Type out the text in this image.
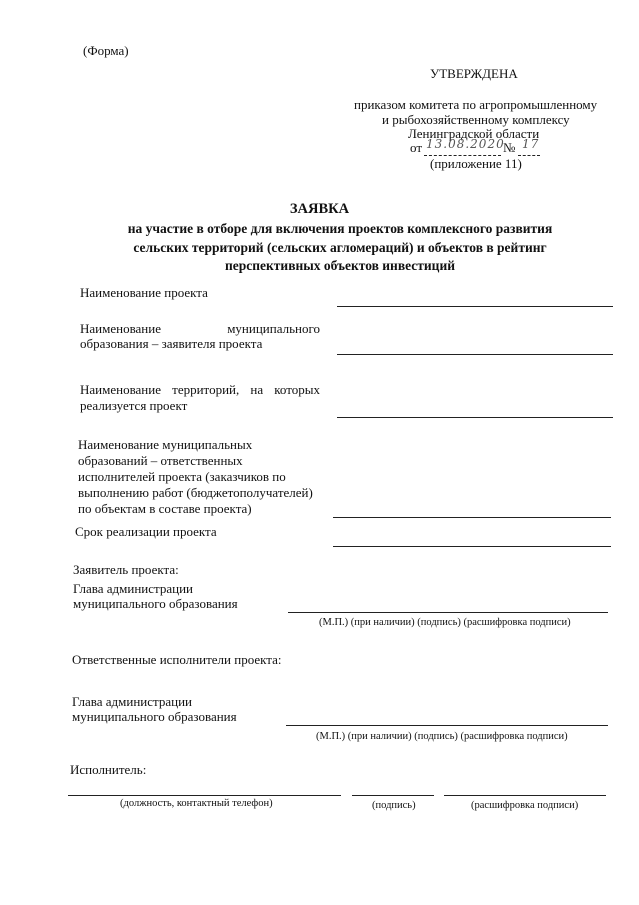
(Форма)
УТВЕРЖДЕНА
приказом комитета по агропромышленному
и рыбохозяйственному комплексу
Ленинградской области
от 13.08.2020
№ 17
(приложение 11)
ЗАЯВКА
на участие в отборе для включения проектов комплексного развития
сельских территорий (сельских агломераций) и объектов в рейтинг
перспективных объектов инвестиций
Наименование проекта
Наименование муниципального
образования – заявителя проекта
Наименование территорий, на которых
реализуется проект
Наименование муниципальных
образований – ответственных
исполнителей проекта (заказчиков по
выполнению работ (бюджетополучателей)
по объектам в составе проекта)
Срок реализации проекта
Заявитель проекта:
Глава администрации
муниципального образования
(М.П.) (при наличии) (подпись) (расшифровка подписи)
Ответственные исполнители проекта:
Глава администрации
муниципального образования
(М.П.) (при наличии) (подпись) (расшифровка подписи)
Исполнитель:
(должность, контактный телефон)	(подпись)	(расшифровка подписи)
